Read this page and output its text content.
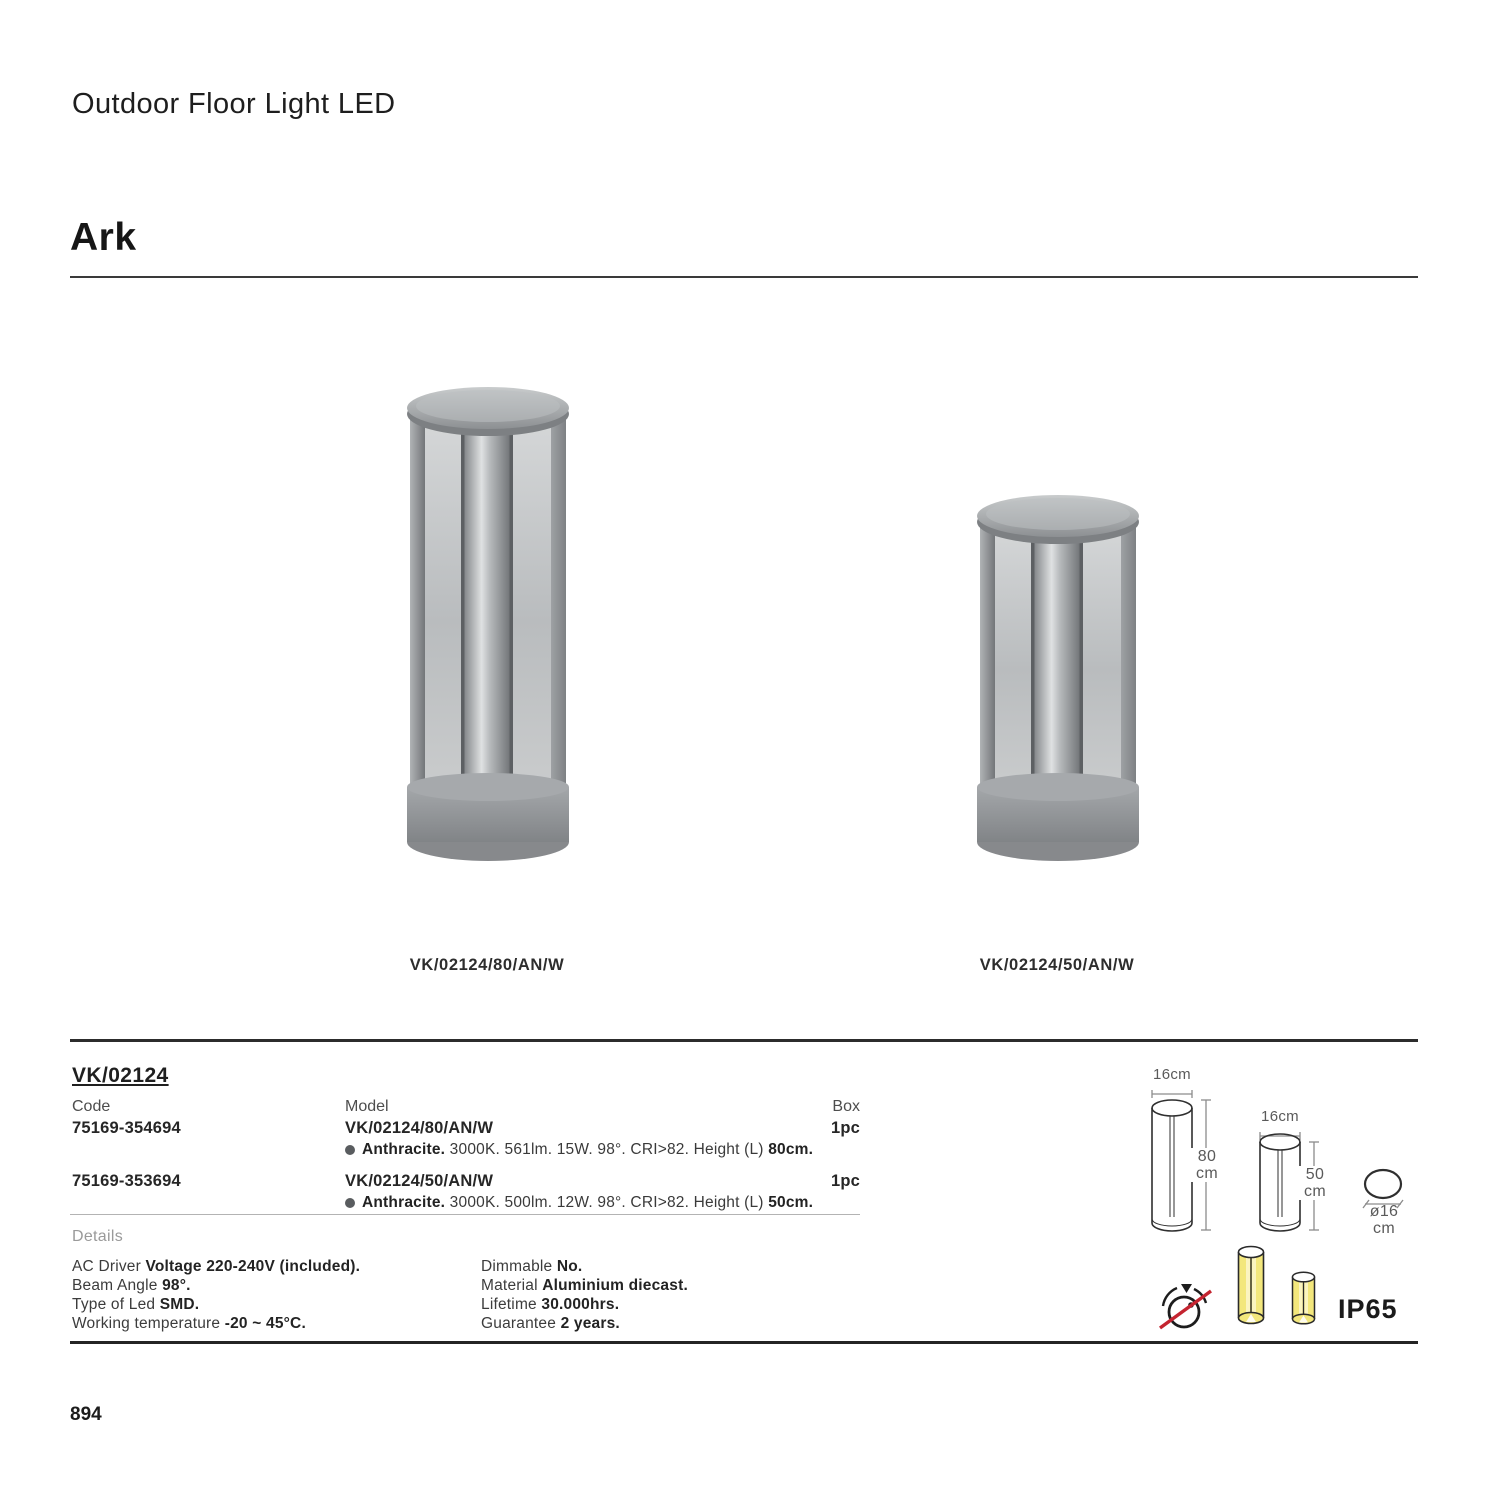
Outdoor Floor Light LED
Ark
VK/02124/80/AN/W	VK/02124/50/AN/W
VK/02124
Code	Model	Box
75169-354694	VK/02124/80/AN/W	1pc
Anthracite. 3000K. 561lm. 15W. 98°. CRI>82. Height (L) 80cm.
75169-353694	VK/02124/50/AN/W	1pc
Anthracite. 3000K. 500lm. 12W. 98°. CRI>82. Height (L) 50cm.
Details
AC Driver Voltage 220-240V (included).
Beam Angle 98°.
Type of Led SMD.
Working temperature -20 ~ 45°C.
Dimmable No.
Material Aluminium diecast.
Lifetime 30.000hrs.
Guarantee 2 years.
894
16cm
80
cm
16cm
50
cm
ø16
cm
IP65
